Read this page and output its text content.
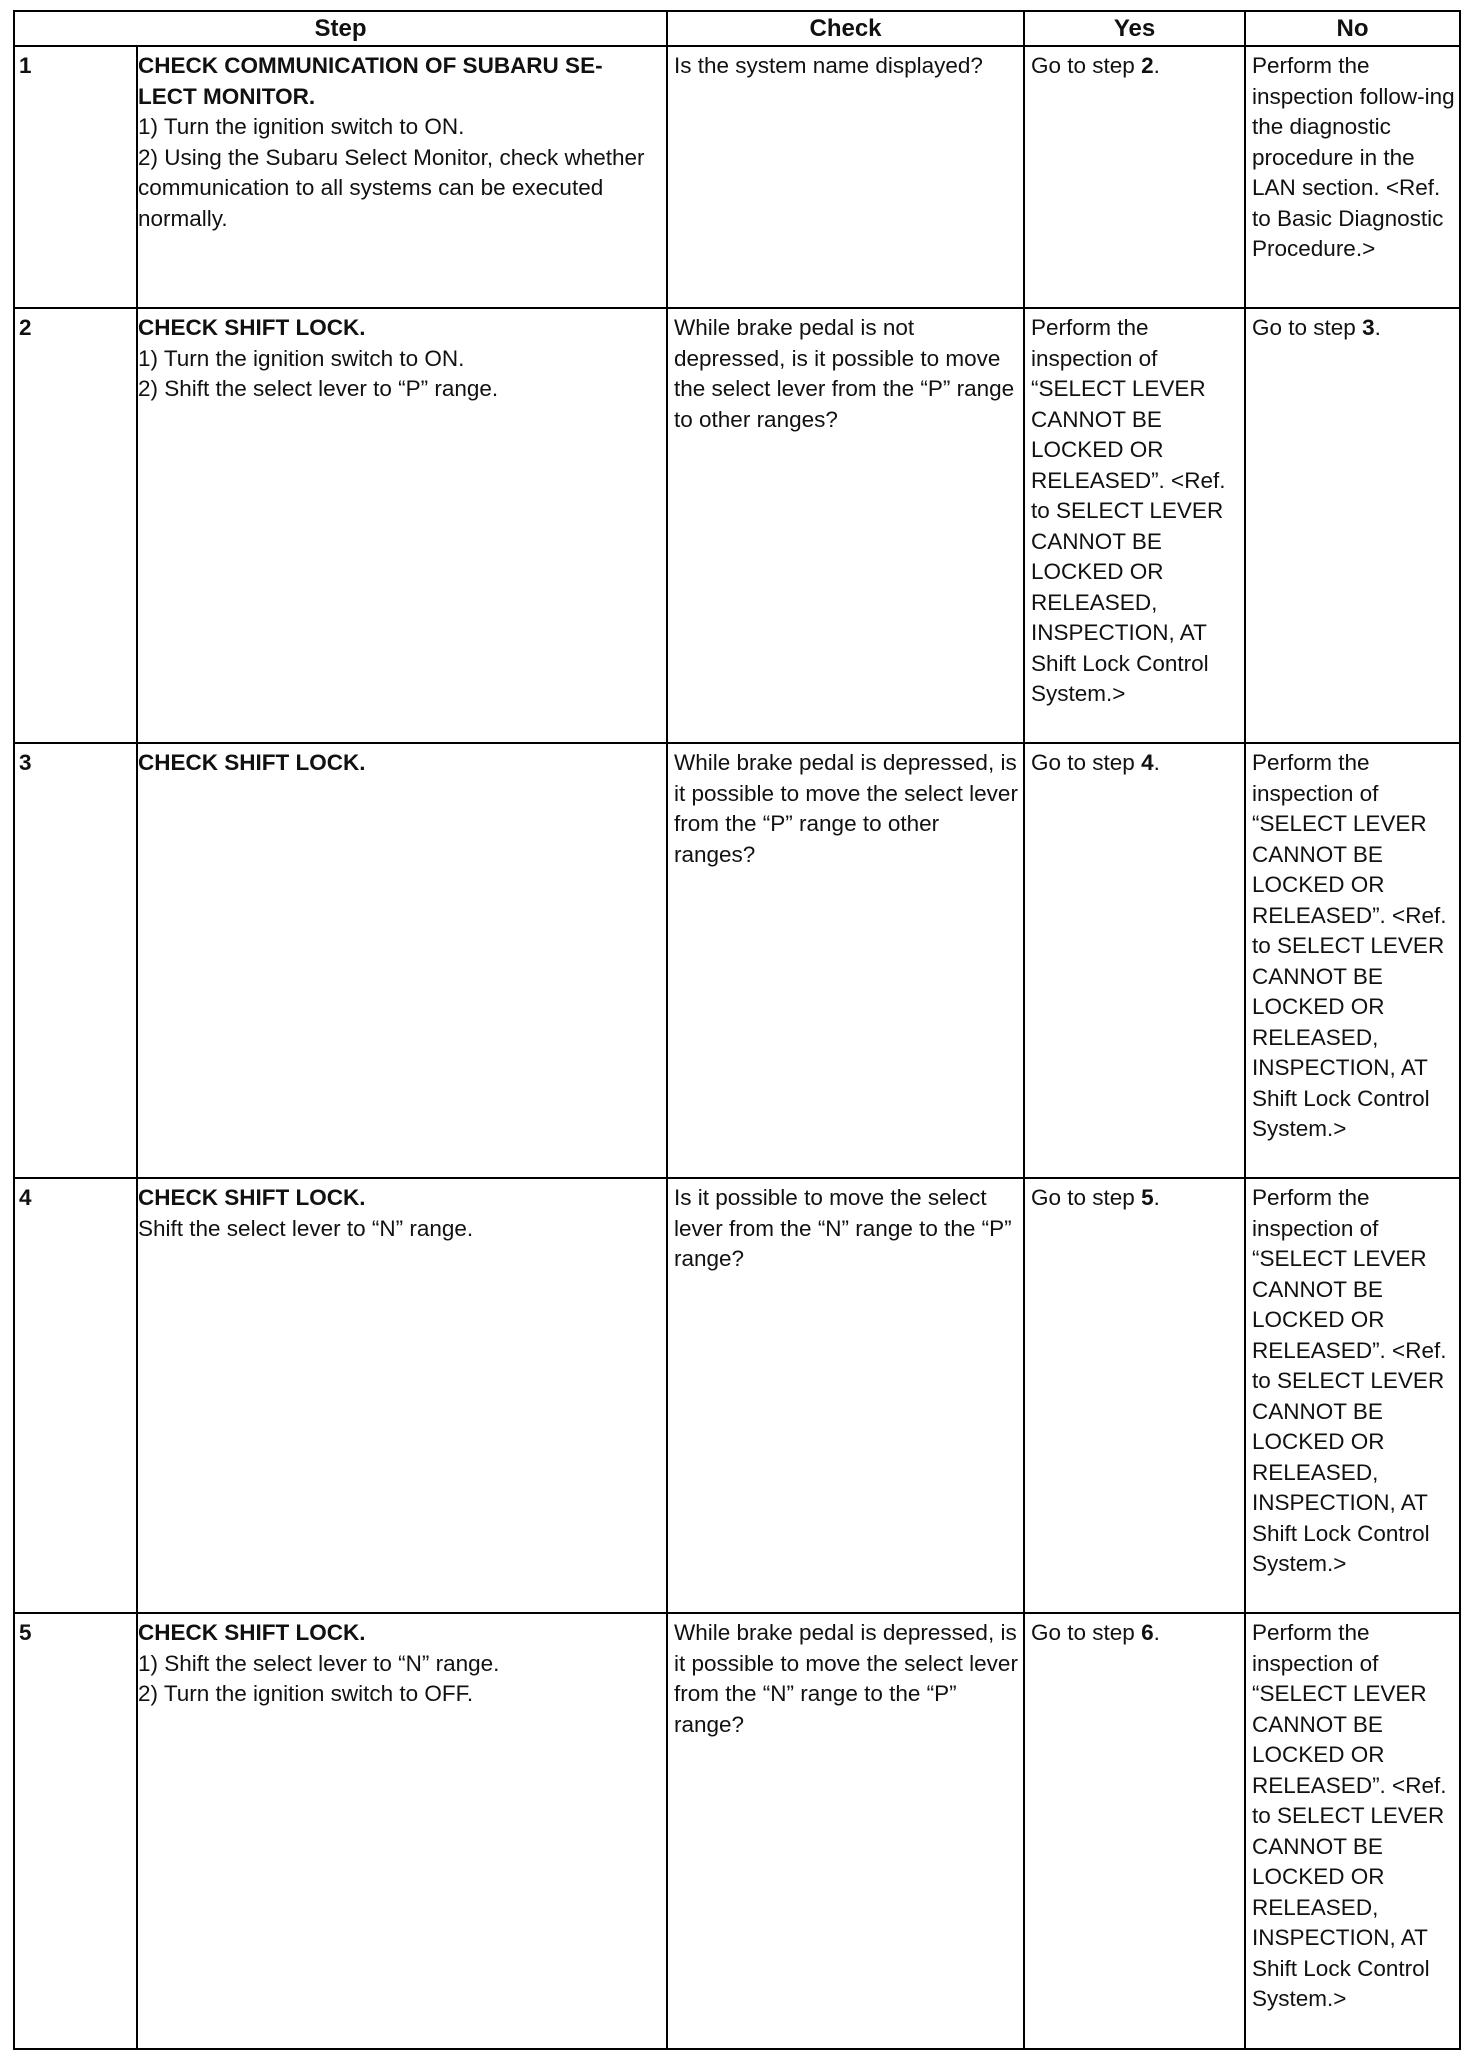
Step		Check	Yes	No

1	CHECK COMMUNICATION OF SUBARU SE-
LECT MONITOR.
1) Turn the ignition switch to ON.
2) Using the Subaru Select Monitor, check whether communication to all systems can be executed normally.	Is the system name displayed?	Go to step 2.	Perform the inspection follow-ing the diagnostic procedure in the LAN section. <Ref. to Basic Diagnostic Procedure.>

2	CHECK SHIFT LOCK.
1) Turn the ignition switch to ON.
2) Shift the select lever to “P” range.	While brake pedal is not depressed, is it possible to move the select lever from the “P” range to other ranges?	Perform the inspection of “SELECT LEVER CANNOT BE LOCKED OR RELEASED”. <Ref. to SELECT LEVER CANNOT BE LOCKED OR RELEASED, INSPECTION, AT Shift Lock Control System.>	Go to step 3.

3	CHECK SHIFT LOCK.	While brake pedal is depressed, is it possible to move the select lever from the “P” range to other ranges?	Go to step 4.	Perform the inspection of “SELECT LEVER CANNOT BE LOCKED OR RELEASED”. <Ref. to SELECT LEVER CANNOT BE LOCKED OR RELEASED, INSPECTION, AT Shift Lock Control System.>

4	CHECK SHIFT LOCK.
Shift the select lever to “N” range.	Is it possible to move the select lever from the “N” range to the “P” range?	Go to step 5.	Perform the inspection of “SELECT LEVER CANNOT BE LOCKED OR RELEASED”. <Ref. to SELECT LEVER CANNOT BE LOCKED OR RELEASED, INSPECTION, AT Shift Lock Control System.>

5	CHECK SHIFT LOCK.
1) Shift the select lever to “N” range.
2) Turn the ignition switch to OFF.	While brake pedal is depressed, is it possible to move the select lever from the “N” range to the “P” range?	Go to step 6.	Perform the inspection of “SELECT LEVER CANNOT BE LOCKED OR RELEASED”. <Ref. to SELECT LEVER CANNOT BE LOCKED OR RELEASED, INSPECTION, AT Shift Lock Control System.>
